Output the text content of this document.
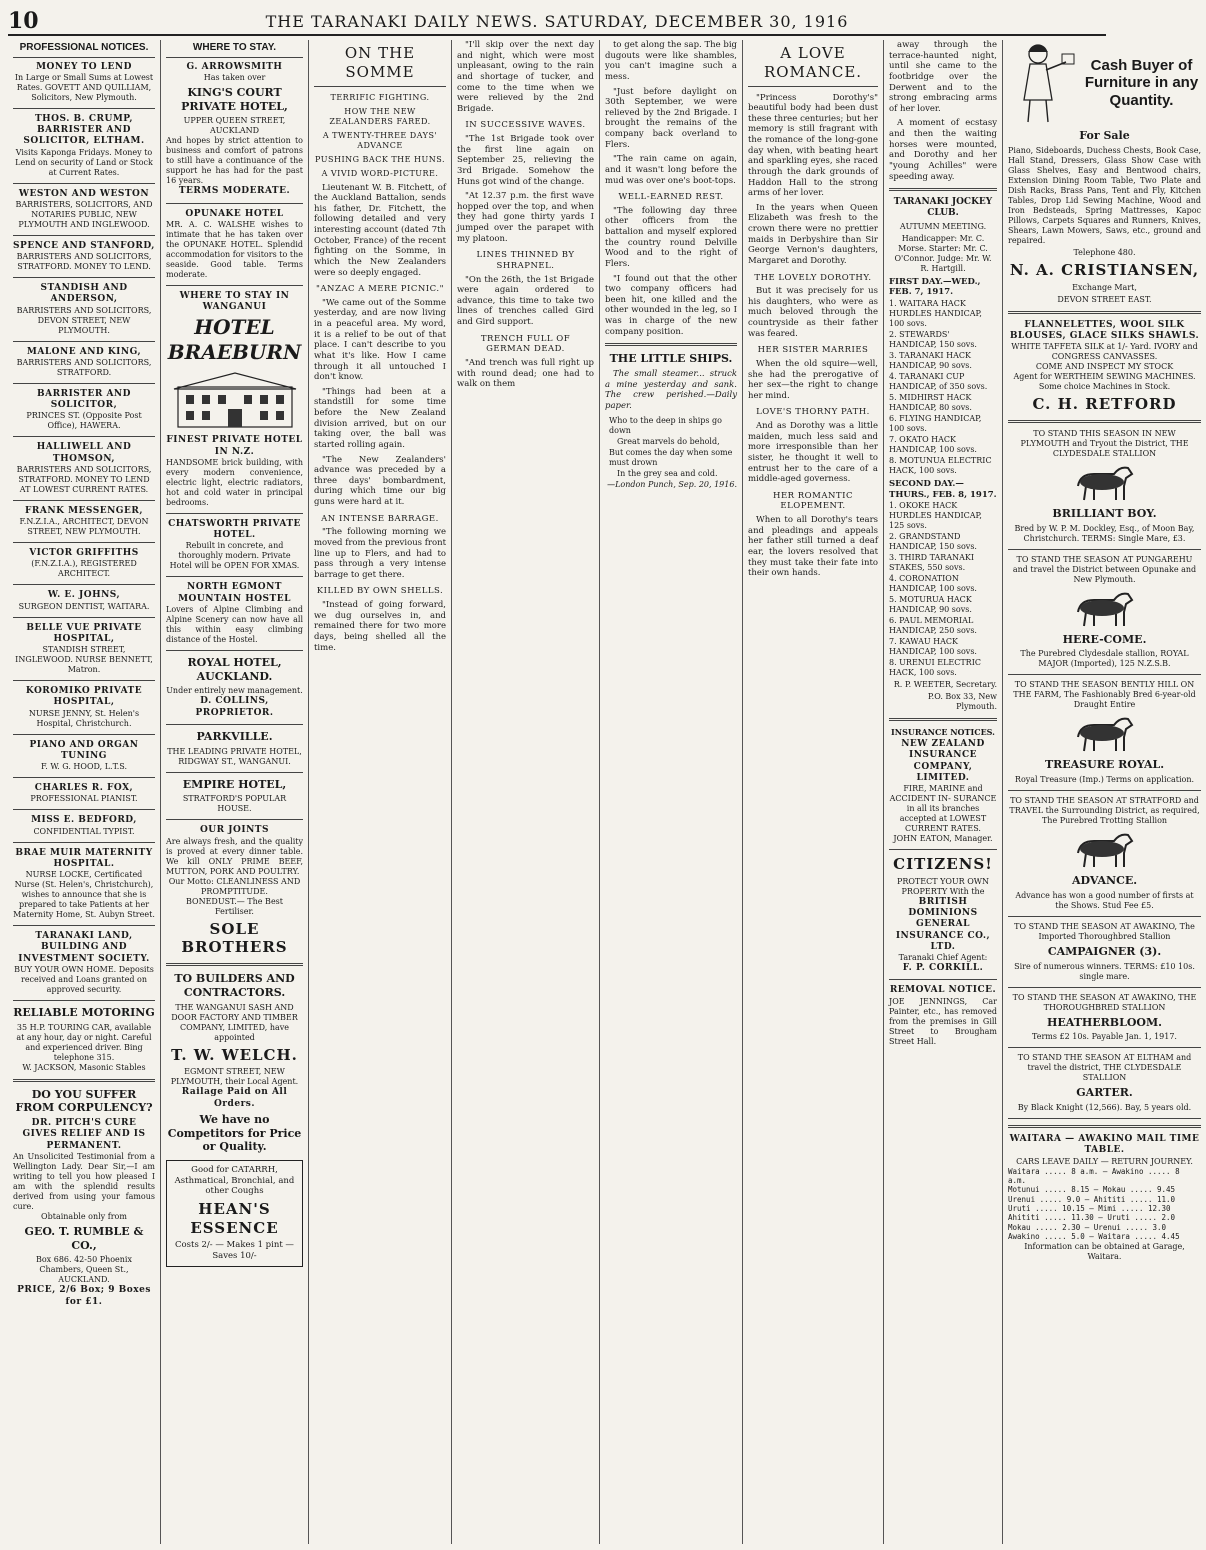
10	THE TARANAKI DAILY NEWS. SATURDAY, DECEMBER 30, 1916
PROFESSIONAL NOTICES.
MONEY TO LEND
In Large or Small Sums at Lowest Rates. GOVETT AND QUILLIAM, Solicitors, New Plymouth.
THOS. B. CRUMP, BARRISTER AND SOLICITOR, ELTHAM.
Visits Kaponga Fridays. Money to Lend on security of Land or Stock at Current Rates.
WESTON AND WESTON
BARRISTERS, SOLICITORS, AND NOTARIES PUBLIC, NEW PLYMOUTH AND INGLEWOOD.
SPENCE AND STANFORD,
BARRISTERS AND SOLICITORS, STRATFORD. MONEY TO LEND.
STANDISH AND ANDERSON,
BARRISTERS AND SOLICITORS, DEVON STREET, NEW PLYMOUTH.
MALONE AND KING,
BARRISTERS AND SOLICITORS, STRATFORD.
BARRISTER AND SOLICITOR,
PRINCES ST. (Opposite Post Office), HAWERA.
HALLIWELL AND THOMSON,
BARRISTERS AND SOLICITORS, STRATFORD. MONEY TO LEND AT LOWEST CURRENT RATES.
FRANK MESSENGER,
F.N.Z.I.A., ARCHITECT, DEVON STREET, NEW PLYMOUTH.
VICTOR GRIFFITHS
(F.N.Z.I.A.), REGISTERED ARCHITECT.
W. E. JOHNS,
SURGEON DENTIST, WAITARA.
BELLE VUE PRIVATE HOSPITAL,
STANDISH STREET, INGLEWOOD. NURSE BENNETT, Matron.
KOROMIKO PRIVATE HOSPITAL,
NURSE JENNY, St. Helen's Hospital, Christchurch.
PIANO AND ORGAN TUNING
F. W. G. HOOD, L.T.S.
CHARLES R. FOX,
PROFESSIONAL PIANIST.
MISS E. BEDFORD,
CONFIDENTIAL TYPIST.
BRAE MUIR MATERNITY HOSPITAL.
NURSE LOCKE, Certificated Nurse (St. Helen's, Christchurch), wishes to announce that she is prepared to take Patients at her Maternity Home, St. Aubyn Street.
TARANAKI LAND, BUILDING AND INVESTMENT SOCIETY.
BUY YOUR OWN HOME. Deposits received and Loans granted on approved security.
RELIABLE MOTORING
35 H.P. TOURING CAR, available at any hour, day or night. Careful and experienced driver. Bing telephone 315.
W. JACKSON, Masonic Stables
DO YOU SUFFER FROM CORPULENCY?
DR. PITCH'S CURE GIVES RELIEF AND IS PERMANENT.
An Unsolicited Testimonial from a Wellington Lady. Dear Sir,—I am writing to tell you how pleased I am with the splendid results derived from using your famous cure.
Obtainable only from
GEO. T. RUMBLE & CO.,
Box 686. 42-50 Phoenix Chambers, Queen St., AUCKLAND.
PRICE, 2/6 Box; 9 Boxes for £1.
WHERE TO STAY.
G. ARROWSMITH
Has taken over
KING'S COURT PRIVATE HOTEL,
UPPER QUEEN STREET, AUCKLAND
And hopes by strict attention to business and comfort of patrons to still have a continuance of the support he has had for the past 16 years.
TERMS MODERATE.
OPUNAKE HOTEL
MR. A. C. WALSHE wishes to intimate that he has taken over the OPUNAKE HOTEL. Splendid accommodation for visitors to the seaside. Good table. Terms moderate.
WHERE TO STAY IN WANGANUI
HOTEL BRAEBURN
FINEST PRIVATE HOTEL IN N.Z.
HANDSOME brick building, with every modern convenience, electric light, electric radiators, hot and cold water in principal bedrooms.
CHATSWORTH PRIVATE HOTEL.
Rebuilt in concrete, and thoroughly modern. Private Hotel will be OPEN FOR XMAS.
NORTH EGMONT MOUNTAIN HOSTEL
Lovers of Alpine Climbing and Alpine Scenery can now have all this within easy climbing distance of the Hostel.
ROYAL HOTEL, AUCKLAND.
Under entirely new management.
D. COLLINS, PROPRIETOR.
PARKVILLE.
THE LEADING PRIVATE HOTEL, RIDGWAY ST., WANGANUI.
EMPIRE HOTEL,
STRATFORD'S POPULAR HOUSE.
OUR JOINTS
Are always fresh, and the quality is proved at every dinner table. We kill ONLY PRIME BEEF, MUTTON, PORK AND POULTRY.
Our Motto: CLEANLINESS AND PROMPTITUDE.
BONEDUST.— The Best Fertiliser.
SOLE BROTHERS
TO BUILDERS AND CONTRACTORS.
THE WANGANUI SASH AND DOOR FACTORY AND TIMBER COMPANY, LIMITED, have appointed
T. W. WELCH.
EGMONT STREET, NEW PLYMOUTH, their Local Agent.
Railage Paid on All Orders.
We have no Competitors for Price or Quality.
Good for CATARRH, Asthmatical, Bronchial, and other Coughs
HEAN'S ESSENCE
Costs 2/- — Makes 1 pint — Saves 10/-
ON THE SOMME
TERRIFIC FIGHTING.
HOW THE NEW ZEALANDERS FARED.
A TWENTY-THREE DAYS' ADVANCE
PUSHING BACK THE HUNS.
A VIVID WORD-PICTURE.

Lieutenant W. B. Fitchett, of the Auckland Battalion, sends his father, Dr. Fitchett, the following detailed and very interesting account (dated 7th October, France) of the recent fighting on the Somme, in which the New Zealanders were so deeply engaged.

"ANZAC A MERE PICNIC."

"We came out of the Somme yesterday, and are now living in a peaceful area. My word, it is a relief to be out of that place. I can't describe to you what it's like. How I came through it all untouched I don't know.

"Things had been at a standstill for some time before the New Zealand division arrived, but on our taking over, the ball was started rolling again.

"The New Zealanders' advance was preceded by a three days' bombardment, during which time our big guns were hard at it.

AN INTENSE BARRAGE.

"The following morning we moved from the previous front line up to Flers, and had to pass through a very intense barrage to get there.

KILLED BY OWN SHELLS.

"Instead of going forward, we dug ourselves in, and remained there for two more days, being shelled all the time.

"I'll skip over the next day and night, which were most unpleasant, owing to the rain and shortage of tucker, and come to the time when we were relieved by the 2nd Brigade.

IN SUCCESSIVE WAVES.

"The 1st Brigade took over the first line again on September 25, relieving the 3rd Brigade. Somehow the Huns got wind of the change.

"At 12.37 p.m. the first wave hopped over the top, and when they had gone thirty yards I jumped over the parapet with my platoon.

LINES THINNED BY SHRAPNEL.

"On the 26th, the 1st Brigade were again ordered to advance, this time to take two lines of trenches called Gird and Gird support.

TRENCH FULL OF GERMAN DEAD.

"And trench was full right up with round dead; one had to walk on them

to get along the sap. The big dugouts were like shambles, you can't imagine such a mess.

"Just before daylight on 30th September, we were relieved by the 2nd Brigade. I brought the remains of the company back overland to Flers.

"The rain came on again, and it wasn't long before the mud was over one's boot-tops.

WELL-EARNED REST.

"The following day three other officers from the battalion and myself explored the country round Delville Wood and to the right of Flers.

"I found out that the other two company officers had been hit, one killed and the other wounded in the leg, so I was in charge of the new company position.

THE LITTLE SHIPS.

The small steamer... struck a mine yesterday and sank. The crew perished.—Daily paper.

Who to the deep in ships go down
Great marvels do behold,
But comes the day when some must drown
In the grey sea and cold.
—London Punch, Sep. 20, 1916.
A LOVE ROMANCE.

"Princess Dorothy's" beautiful body had been dust these three centuries; but her memory is still fragrant with the romance of the long-gone day when, with beating heart and sparkling eyes, she raced through the dark grounds of Haddon Hall to the strong arms of her lover.

In the years when Queen Elizabeth was fresh to the crown there were no prettier maids in Derbyshire than Sir George Vernon's daughters, Margaret and Dorothy.

THE LOVELY DOROTHY.

But it was precisely for us his daughters, who were as much beloved through the countryside as their father was feared.

HER SISTER MARRIES

When the old squire—well, she had the prerogative of her sex—the right to change her mind.

LOVE'S THORNY PATH.

And as Dorothy was a little maiden, much less said and more irresponsible than her sister, he thought it well to entrust her to the care of a middle-aged governess.

HER ROMANTIC ELOPEMENT.

When to all Dorothy's tears and pleadings and appeals her father still turned a deaf ear, the lovers resolved that they must take their fate into their own hands.

away through the terrace-haunted night, until she came to the footbridge over the Derwent and to the strong embracing arms of her lover.

A moment of ecstasy and then the waiting horses were mounted, and Dorothy and her "young Achilles" were speeding away.

TARANAKI JOCKEY CLUB.
AUTUMN MEETING.
Handicapper: Mr. C. Morse. Starter: Mr. C. O'Connor. Judge: Mr. W. R. Hartgill.
FIRST DAY.—WED., FEB. 7, 1917.
1. WAITARA HACK HURDLES HANDICAP, 100 sovs.
2. STEWARDS' HANDICAP, 150 sovs.
3. TARANAKI HACK HANDICAP, 90 sovs.
4. TARANAKI CUP HANDICAP, of 350 sovs.
5. MIDHIRST HACK HANDICAP, 80 sovs.
6. FLYING HANDICAP, 100 sovs.
7. OKATO HACK HANDICAP, 100 sovs.
8. MOTUNUA ELECTRIC HACK, 100 sovs.
SECOND DAY.—THURS., FEB. 8, 1917.
1. OKOKE HACK HURDLES HANDICAP, 125 sovs.
2. GRANDSTAND HANDICAP, 150 sovs.
3. THIRD TARANAKI STAKES, 550 sovs.
4. CORONATION HANDICAP, 100 sovs.
5. MOTURUA HACK HANDICAP, 90 sovs.
6. PAUL MEMORIAL HANDICAP, 250 sovs.
7. KAWAU HACK HANDICAP, 100 sovs.
8. URENUI ELECTRIC HACK, 100 sovs.
R. P. WEETER, Secretary.
P.O. Box 33, New Plymouth.
INSURANCE NOTICES.
NEW ZEALAND INSURANCE COMPANY, LIMITED.
FIRE, MARINE and ACCIDENT IN- SURANCE in all its branches accepted at LOWEST CURRENT RATES.
JOHN EATON, Manager.
CITIZENS!
PROTECT YOUR OWN PROPERTY With the
BRITISH DOMINIONS GENERAL INSURANCE CO., LTD.
Taranaki Chief Agent:
F. P. CORKILL.
REMOVAL NOTICE.
JOE JENNINGS, Car Painter, etc., has removed from the premises in Gill Street to Brougham Street Hall.
Cash Buyer of Furniture in any Quantity.
For Sale
Piano, Sideboards, Duchess Chests, Book Case, Hall Stand, Dressers, Glass Show Case with Glass Shelves, Easy and Bentwood chairs, Extension Dining Room Table, Two Plate and Dish Racks, Brass Pans, Tent and Fly, Kitchen Tables, Drop Lid Sewing Machine, Wood and Iron Bedsteads, Spring Mattresses, Kapoc Pillows, Carpets Squares and Runners, Knives, Shears, Lawn Mowers, Saws, etc., ground and repaired.
Telephone 480.
N. A. CRISTIANSEN,
Exchange Mart,
DEVON STREET EAST.
FLANNELETTES, WOOL SILK BLOUSES, GLACE SILKS SHAWLS.
WHITE TAFFETA SILK at 1/- Yard. IVORY and CONGRESS CANVASSES.
COME AND INSPECT MY STOCK
Agent for WERTHEIM SEWING MACHINES.
Some choice Machines in Stock.
C. H. RETFORD
TO STAND THIS SEASON IN NEW PLYMOUTH and Tryout the District, THE CLYDESDALE STALLION
BRILLIANT BOY.
Bred by W. P. M. Dockley, Esq., of Moon Bay, Christchurch. TERMS: Single Mare, £3.
TO STAND THE SEASON AT PUNGAREHU and travel the District between Opunake and New Plymouth.
HERE-COME.
The Purebred Clydesdale stallion, ROYAL MAJOR (Imported), 125 N.Z.S.B.
TO STAND THE SEASON BENTLY HILL ON THE FARM, The Fashionably Bred 6-year-old Draught Entire
TREASURE ROYAL.
Royal Treasure (Imp.) Terms on application.
TO STAND THE SEASON AT STRATFORD and TRAVEL the Surrounding District, as required, The Purebred Trotting Stallion
ADVANCE.
Advance has won a good number of firsts at the Shows. Stud Fee £5.
TO STAND THE SEASON AT AWAKINO, The Imported Thoroughbred Stallion
CAMPAIGNER (3).
Sire of numerous winners. TERMS: £10 10s. single mare.
TO STAND THE SEASON AT AWAKINO, THE THOROUGHBRED STALLION
HEATHERBLOOM.
Terms £2 10s. Payable Jan. 1, 1917.
TO STAND THE SEASON AT ELTHAM and travel the district, THE CLYDESDALE STALLION
GARTER.
By Black Knight (12,566). Bay, 5 years old.
WAITARA — AWAKINO MAIL TIME TABLE.
CARS LEAVE DAILY — RETURN JOURNEY.
Waitara ..... 8 a.m. — Awakino ..... 8 a.m.
Motunui ..... 8.15 — Mokau ..... 9.45
Urenui ..... 9.0 — Ahititi ..... 11.0
Uruti ..... 10.15 — Mimi ..... 12.30
Ahititi ..... 11.30 — Uruti ..... 2.0
Mokau ..... 2.30 — Urenui ..... 3.0
Awakino ..... 5.0 — Waitara ..... 4.45
Information can be obtained at Garage, Waitara.
